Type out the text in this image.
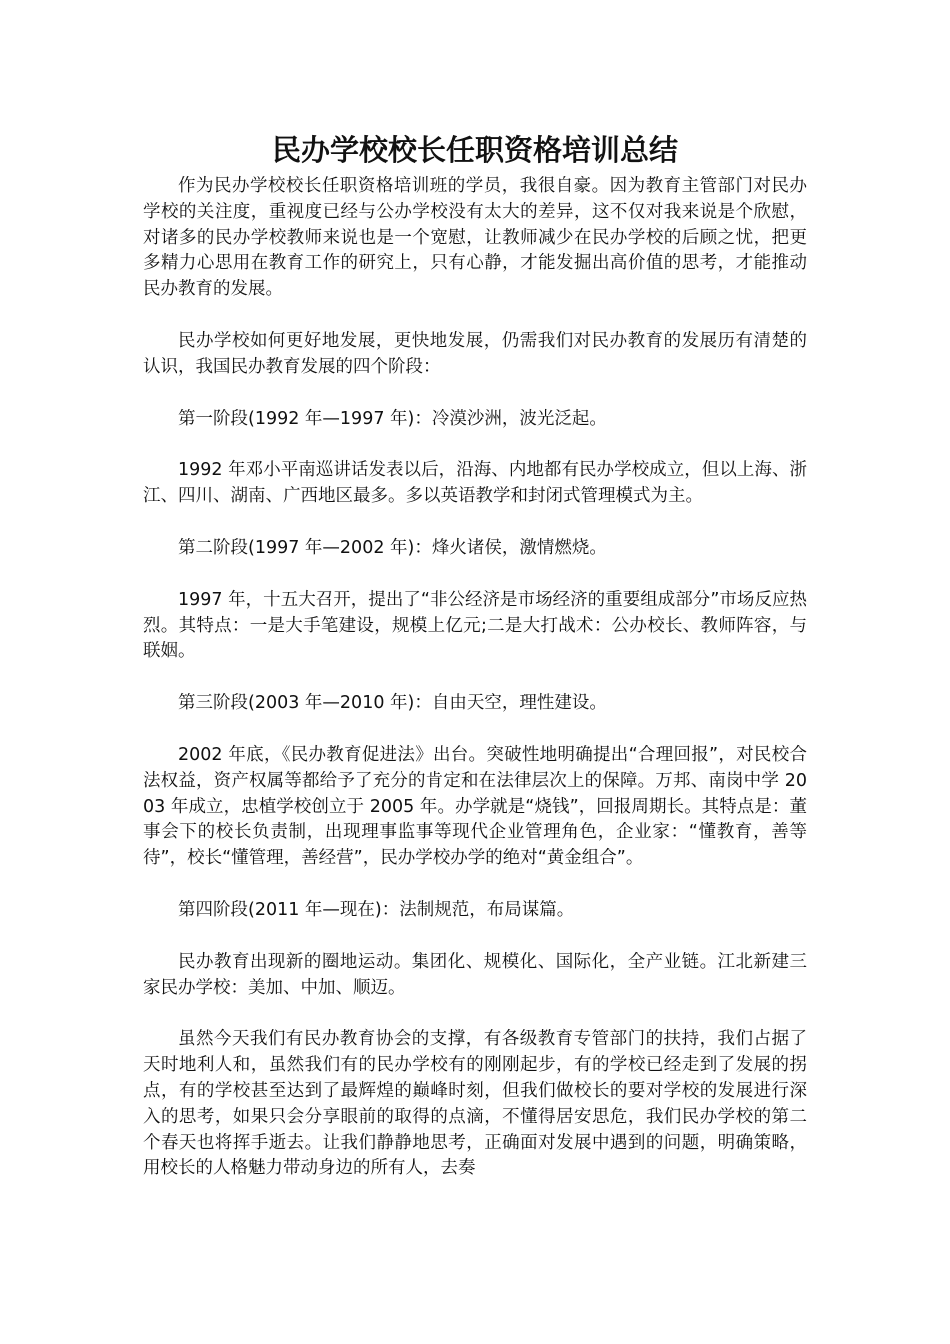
民办学校校长任职资格培训总结

作为民办学校校长任职资格培训班的学员，我很自豪。因为教育主管部门对民办学校的关注度，重视度已经与公办学校没有太大的差异，这不仅对我来说是个欣慰，对诸多的民办学校教师来说也是一个宽慰，让教师减少在民办学校的后顾之忧，把更多精力心思用在教育工作的研究上，只有心静，才能发掘出高价值的思考，才能推动民办教育的发展。

民办学校如何更好地发展，更快地发展，仍需我们对民办教育的发展历有清楚的认识，我国民办教育发展的四个阶段：

第一阶段(1992 年—1997 年)：冷漠沙洲，波光泛起。

1992 年邓小平南巡讲话发表以后，沿海、内地都有民办学校成立，但以上海、浙江、四川、湖南、广西地区最多。多以英语教学和封闭式管理模式为主。

第二阶段(1997 年—2002 年)：烽火诸侯，激情燃烧。

1997 年，十五大召开，提出了“非公经济是市场经济的重要组成部分”市场反应热烈。其特点：一是大手笔建设，规模上亿元;二是大打战术：公办校长、教师阵容，与联姻。

第三阶段(2003 年—2010 年)：自由天空，理性建设。

2002 年底，《民办教育促进法》出台。突破性地明确提出“合理回报”，对民校合法权益，资产权属等都给予了充分的肯定和在法律层次上的保障。万邦、南岗中学 2003 年成立，忠植学校创立于 2005 年。办学就是“烧钱”，回报周期长。其特点是：董事会下的校长负责制，出现理事监事等现代企业管理角色，企业家：“懂教育，善等待”，校长“懂管理，善经营”，民办学校办学的绝对“黄金组合”。

第四阶段(2011 年—现在)：法制规范，布局谋篇。

民办教育出现新的圈地运动。集团化、规模化、国际化，全产业链。江北新建三家民办学校：美加、中加、顺迈。

虽然今天我们有民办教育协会的支撑，有各级教育专管部门的扶持，我们占据了天时地利人和，虽然我们有的民办学校有的刚刚起步，有的学校已经走到了发展的拐点，有的学校甚至达到了最辉煌的巅峰时刻，但我们做校长的要对学校的发展进行深入的思考，如果只会分享眼前的取得的点滴，不懂得居安思危，我们民办学校的第二个春天也将挥手逝去。让我们静静地思考，正确面对发展中遇到的问题，明确策略，用校长的人格魅力带动身边的所有人，去奏
